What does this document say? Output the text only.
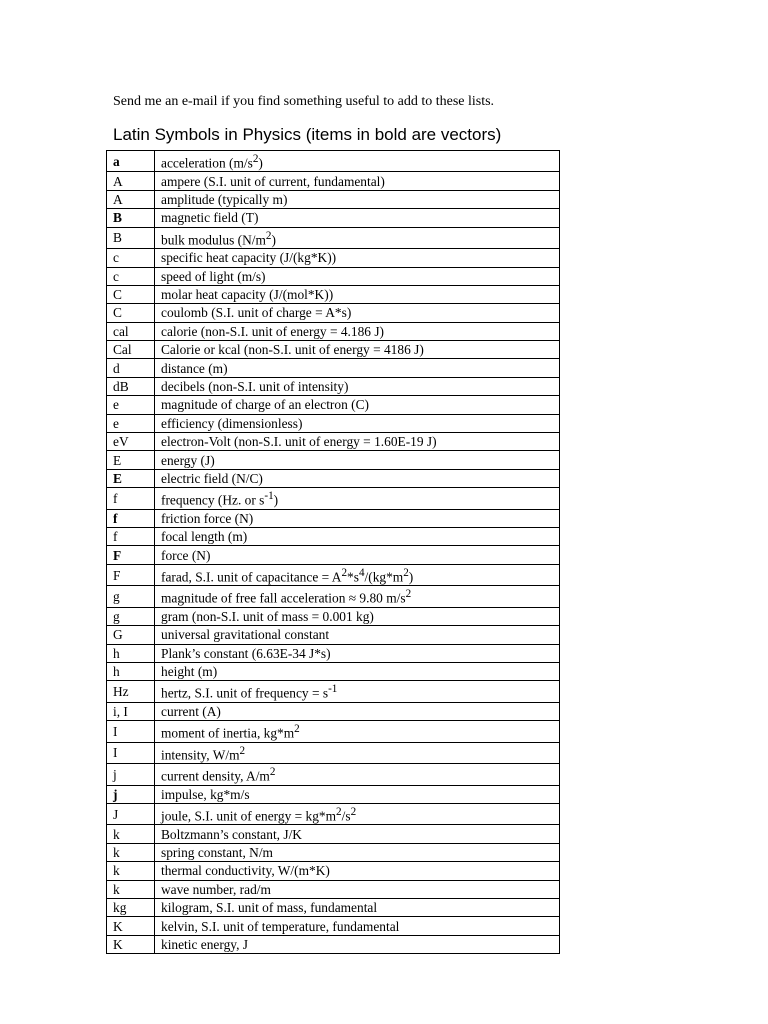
Send me an e-mail if you find something useful to add to these lists.
Latin Symbols in Physics (items in bold are vectors)
a	acceleration $(m/s^2)$
A	ampere (S.I. unit of current, fundamental)
A	amplitude (typically m)
B	magnetic field (T)
B	bulk modulus $(N/m^2)$
c	specific heat capacity (J/(kg*K))
c	speed of light (m/s)
C	molar heat capacity (J/(mol*K))
C	coulomb (S.I. unit of charge = A*s)
cal	calorie (non-S.I. unit of energy = 4.186 J)
Cal	Calorie or kcal (non-S.I. unit of energy = 4186 J)
d	distance (m)
dB	decibels (non-S.I. unit of intensity)
e	magnitude of charge of an electron (C)
e	efficiency (dimensionless)
eV	electron-Volt (non-S.I. unit of energy = 1.60E-19 J)
E	energy (J)
E	electric field (N/C)
f	frequency (Hz. or $s^{-1}$)
f	friction force (N)
f	focal length (m)
F	force (N)
F	farad, S.I. unit of capacitance = $A^2*s^4/(kg*m^2)$
g	magnitude of free fall acceleration ≈ 9.80 $m/s^2$
g	gram (non-S.I. unit of mass = 0.001 kg)
G	universal gravitational constant
h	Plank’s constant (6.63E-34 J*s)
h	height (m)
Hz	hertz, S.I. unit of frequency = $s^{-1}$
i, I	current (A)
I	moment of inertia, $kg*m^2$
I	intensity, $W/m^2$
j	current density, $A/m^2$
j	impulse, kg*m/s
J	joule, S.I. unit of energy = $kg*m^2/s^2$
k	Boltzmann’s constant, J/K
k	spring constant, N/m
k	thermal conductivity, W/(m*K)
k	wave number, rad/m
kg	kilogram, S.I. unit of mass, fundamental
K	kelvin, S.I. unit of temperature, fundamental
K	kinetic energy, J
